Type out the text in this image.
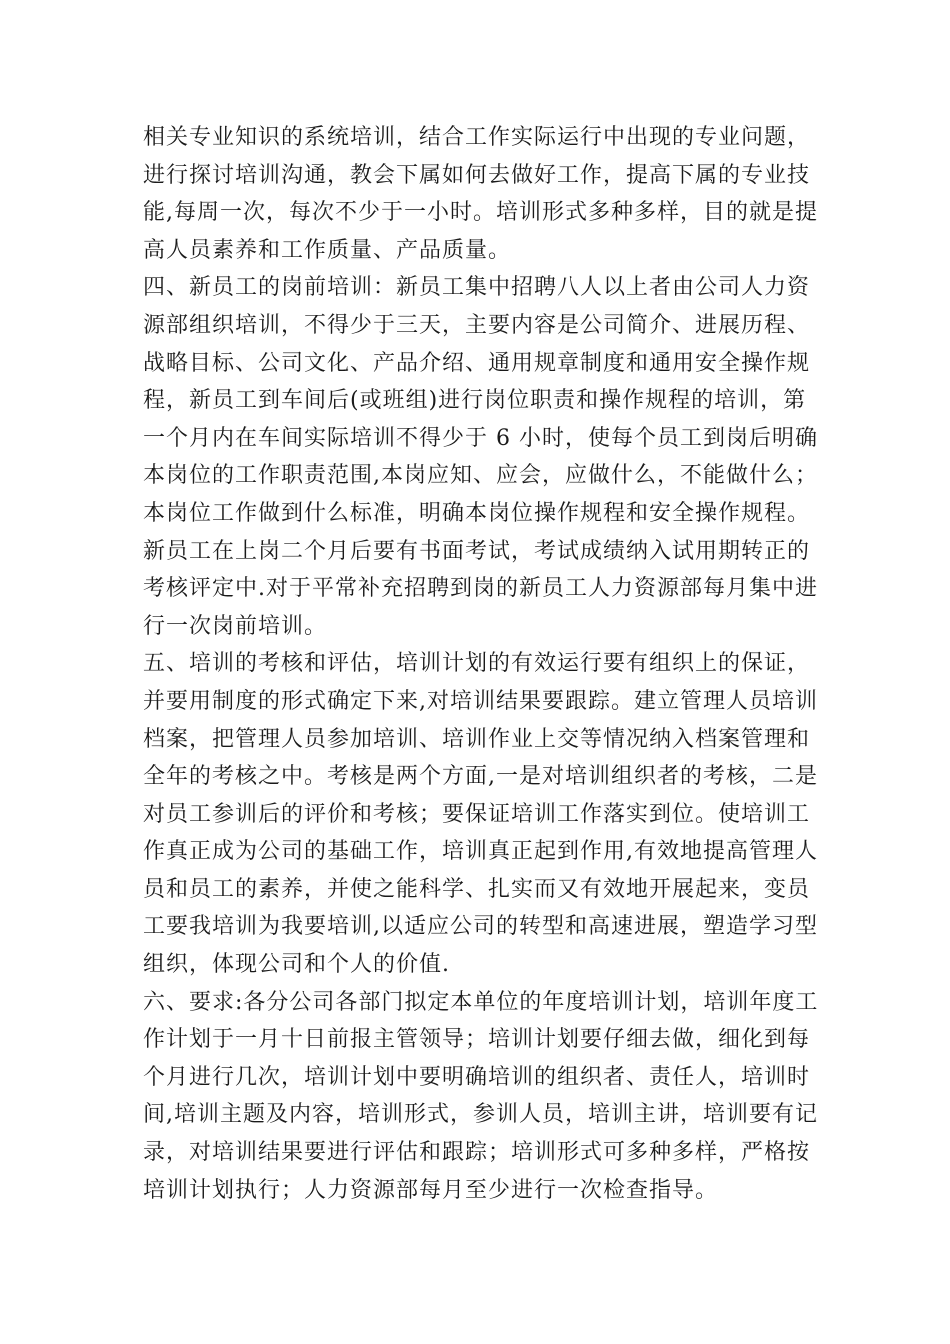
相关专业知识的系统培训，结合工作实际运行中出现的专业问题，
进行探讨培训沟通，教会下属如何去做好工作，提高下属的专业技
能,每周一次，每次不少于一小时。培训形式多种多样，目的就是提
高人员素养和工作质量、产品质量。
四、新员工的岗前培训：新员工集中招聘八人以上者由公司人力资
源部组织培训，不得少于三天，主要内容是公司简介、进展历程、
战略目标、公司文化、产品介绍、通用规章制度和通用安全操作规
程，新员工到车间后(或班组)进行岗位职责和操作规程的培训，第
一个月内在车间实际培训不得少于 6 小时，使每个员工到岗后明确
本岗位的工作职责范围,本岗应知、应会，应做什么，不能做什么；
本岗位工作做到什么标准，明确本岗位操作规程和安全操作规程。
新员工在上岗二个月后要有书面考试，考试成绩纳入试用期转正的
考核评定中.对于平常补充招聘到岗的新员工人力资源部每月集中进
行一次岗前培训。
五、培训的考核和评估，培训计划的有效运行要有组织上的保证，
并要用制度的形式确定下来,对培训结果要跟踪。建立管理人员培训
档案，把管理人员参加培训、培训作业上交等情况纳入档案管理和
全年的考核之中。考核是两个方面,一是对培训组织者的考核，二是
对员工参训后的评价和考核；要保证培训工作落实到位。使培训工
作真正成为公司的基础工作，培训真正起到作用,有效地提高管理人
员和员工的素养，并使之能科学、扎实而又有效地开展起来，变员
工要我培训为我要培训,以适应公司的转型和高速进展，塑造学习型
组织，体现公司和个人的价值.
六、要求:各分公司各部门拟定本单位的年度培训计划，培训年度工
作计划于一月十日前报主管领导；培训计划要仔细去做，细化到每
个月进行几次，培训计划中要明确培训的组织者、责任人，培训时
间,培训主题及内容，培训形式，参训人员，培训主讲，培训要有记
录，对培训结果要进行评估和跟踪；培训形式可多种多样，严格按
培训计划执行；人力资源部每月至少进行一次检查指导。
